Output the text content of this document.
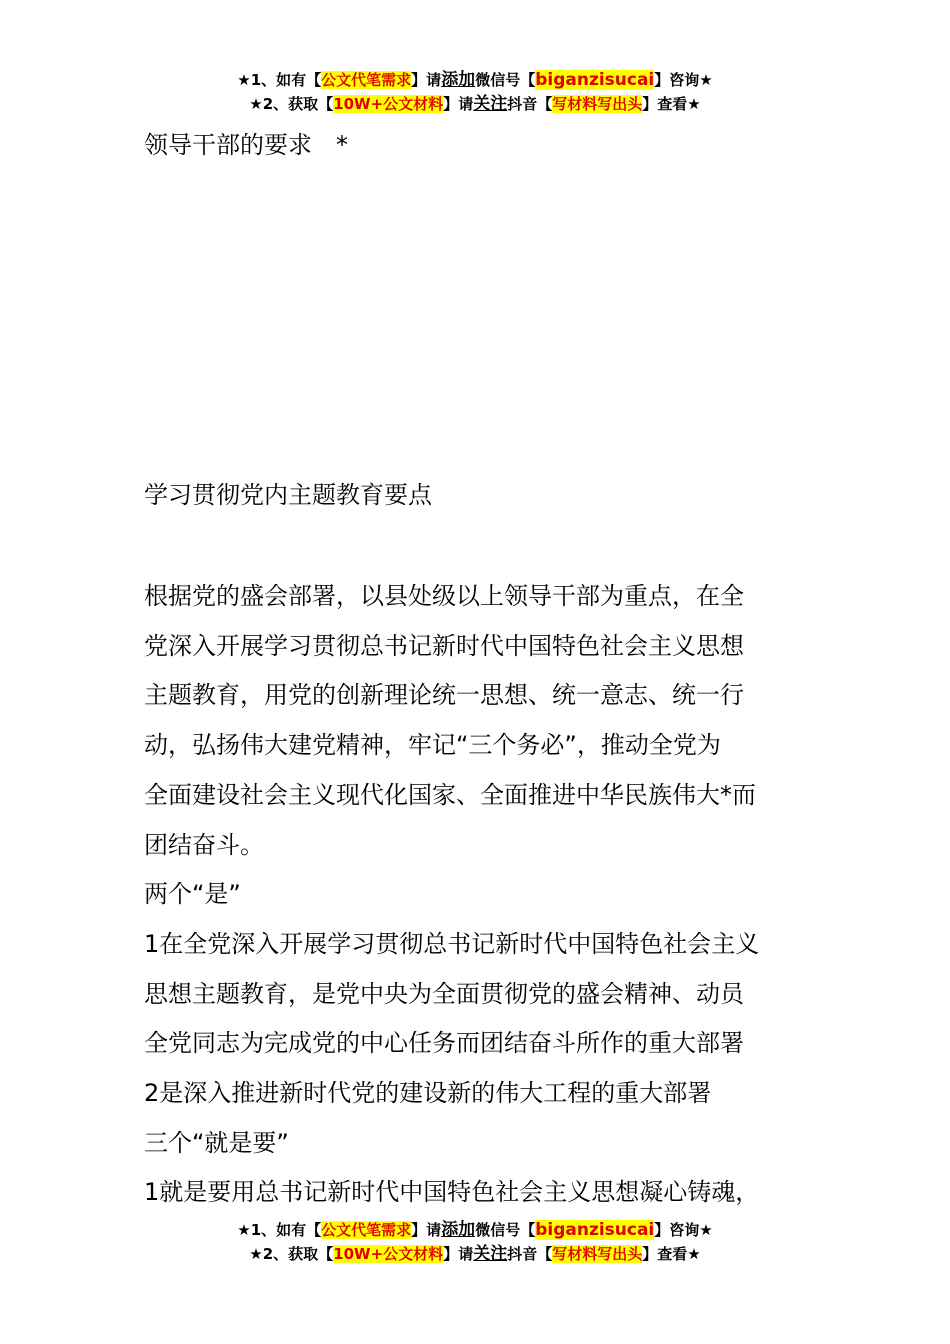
★1、如有【公文代笔需求】请添加微信号【biganzisucai】咨询★
★2、获取【10W+公文材料】请关注抖音【写材料写出头】查看★

领导干部的要求　*

学习贯彻党内主题教育要点

根据党的盛会部署，以县处级以上领导干部为重点，在全

党深入开展学习贯彻总书记新时代中国特色社会主义思想

主题教育，用党的创新理论统一思想、统一意志、统一行

动，弘扬伟大建党精神，牢记“三个务必”，推动全党为

全面建设社会主义现代化国家、全面推进中华民族伟大*而

团结奋斗。

两个“是”

1在全党深入开展学习贯彻总书记新时代中国特色社会主义

思想主题教育，是党中央为全面贯彻党的盛会精神、动员

全党同志为完成党的中心任务而团结奋斗所作的重大部署

2是深入推进新时代党的建设新的伟大工程的重大部署

三个“就是要”

1就是要用总书记新时代中国特色社会主义思想凝心铸魂，

★1、如有【公文代笔需求】请添加微信号【biganzisucai】咨询★
★2、获取【10W+公文材料】请关注抖音【写材料写出头】查看★
